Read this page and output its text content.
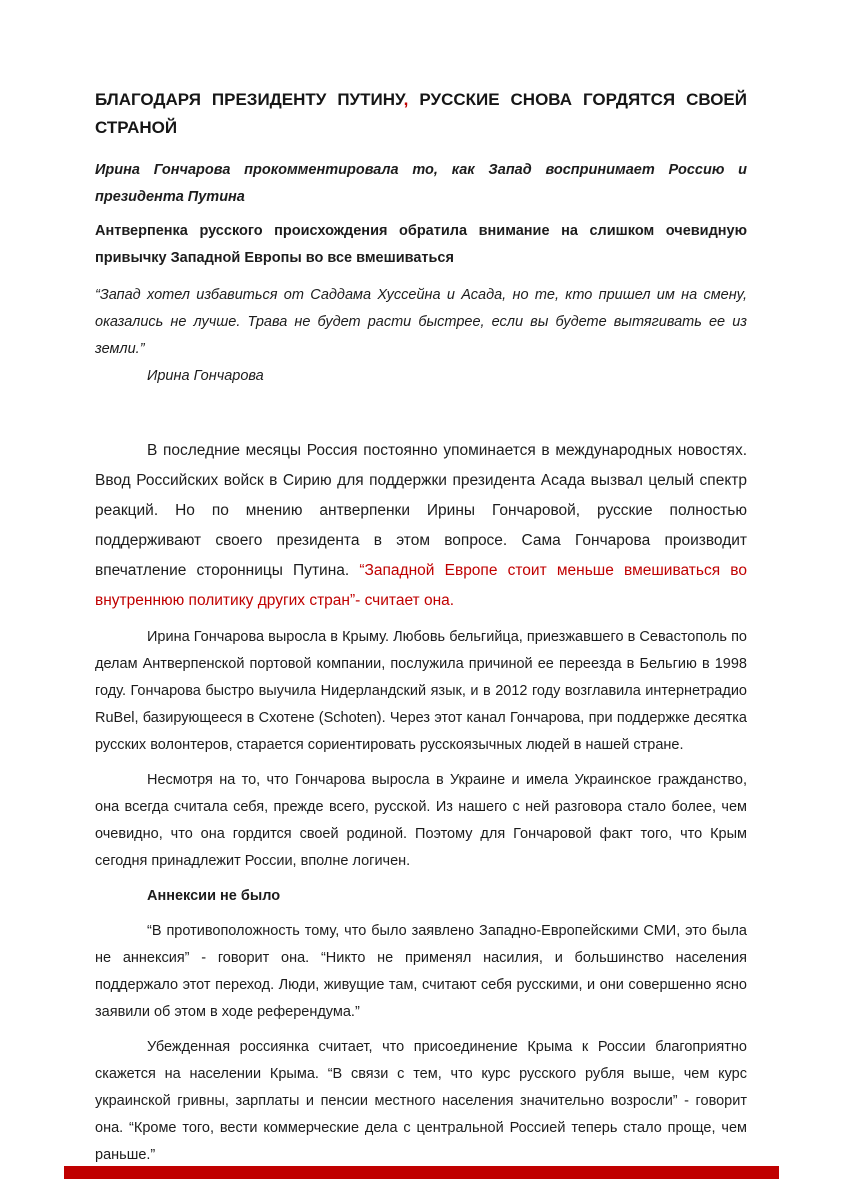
БЛАГОДАРЯ ПРЕЗИДЕНТУ ПУТИНУ, РУССКИЕ СНОВА ГОРДЯТСЯ СВОЕЙ СТРАНОЙ

Ирина Гончарова прокомментировала то, как Запад воспринимает Россию и президента Путина

Антверпенка русского происхождения обратила внимание на слишком очевидную привычку Западной Европы во все вмешиваться

“Запад хотел избавиться от Саддама Хуссейна и Асада, но те, кто пришел им на смену, оказались не лучше. Трава не будет расти быстрее, если вы будете вытягивать ее из земли.”

Ирина Гончарова

В последние месяцы Россия постоянно упоминается в международных новостях. Ввод Российских войск в Сирию для поддержки президента Асада вызвал целый спектр реакций. Но по мнению антверпенки Ирины Гончаровой, русские полностью поддерживают своего президента в этом вопросе. Сама Гончарова производит впечатление сторонницы Путина. “Западной Европе стоит меньше вмешиваться во внутреннюю политику других стран”- считает она.

Ирина Гончарова выросла в Крыму. Любовь бельгийца, приезжавшего в Севастополь по делам Антверпенской портовой компании, послужила причиной ее переезда в Бельгию в 1998 году. Гончарова быстро выучила Нидерландский язык, и в 2012 году возглавила интернетрадио RuBel, базирующееся в Схотене (Schoten). Через этот канал Гончарова, при поддержке десятка русских волонтеров, старается сориентировать русскоязычных людей в нашей стране.

Несмотря на то, что Гончарова выросла в Украине и имела Украинское гражданство, она всегда считала себя, прежде всего, русской. Из нашего с ней разговора стало более, чем очевидно, что она гордится своей родиной. Поэтому для Гончаровой факт того, что Крым сегодня принадлежит России, вполне логичен.

Аннексии не было

“В противоположность тому, что было заявлено Западно-Европейскими СМИ, это была не аннексия” - говорит она. “Никто не применял насилия, и большинство населения поддержало этот переход. Люди, живущие там, считают себя русскими, и они совершенно ясно заявили об этом в ходе референдума.”

Убежденная россиянка считает, что присоединение Крыма к России благоприятно скажется на населении Крыма. “В связи с тем, что курс русского рубля выше, чем курс украинской гривны, зарплаты и пенсии местного населения значительно возросли” - говорит она. “Кроме того, вести коммерческие дела с центральной Россией теперь стало проще, чем раньше.”
